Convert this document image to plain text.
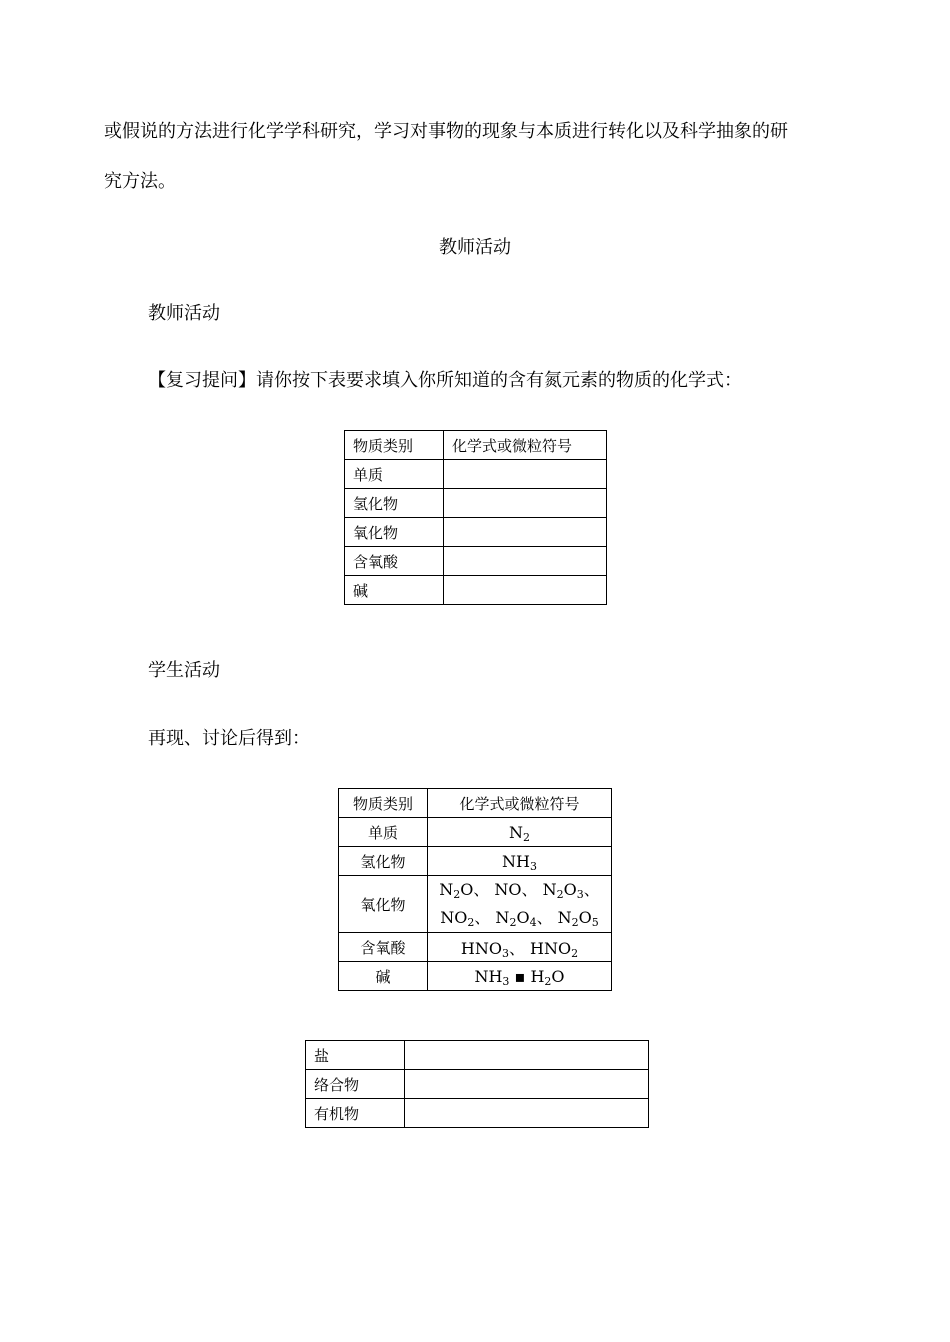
或假说的方法进行化学学科研究，学习对事物的现象与本质进行转化以及科学抽象的研
究方法。
教师活动
教师活动
【复习提问】请你按下表要求填入你所知道的含有氮元素的物质的化学式：
物质类别	化学式或微粒符号
单质	
氢化物	
氧化物	
含氧酸	
碱	
学生活动
再现、讨论后得到：
物质类别	化学式或微粒符号
单质	$N_2$
氢化物	$NH_3$
氧化物	$N_2O$、 NO、 $N_2O_3$、
$NO_2$、 $N_2O_4$、 $N_2O_5$
含氧酸	$HNO_3$、 $HNO_2$
碱	$NH_3$ ▪ $H_2O$
盐	
络合物	
有机物	
